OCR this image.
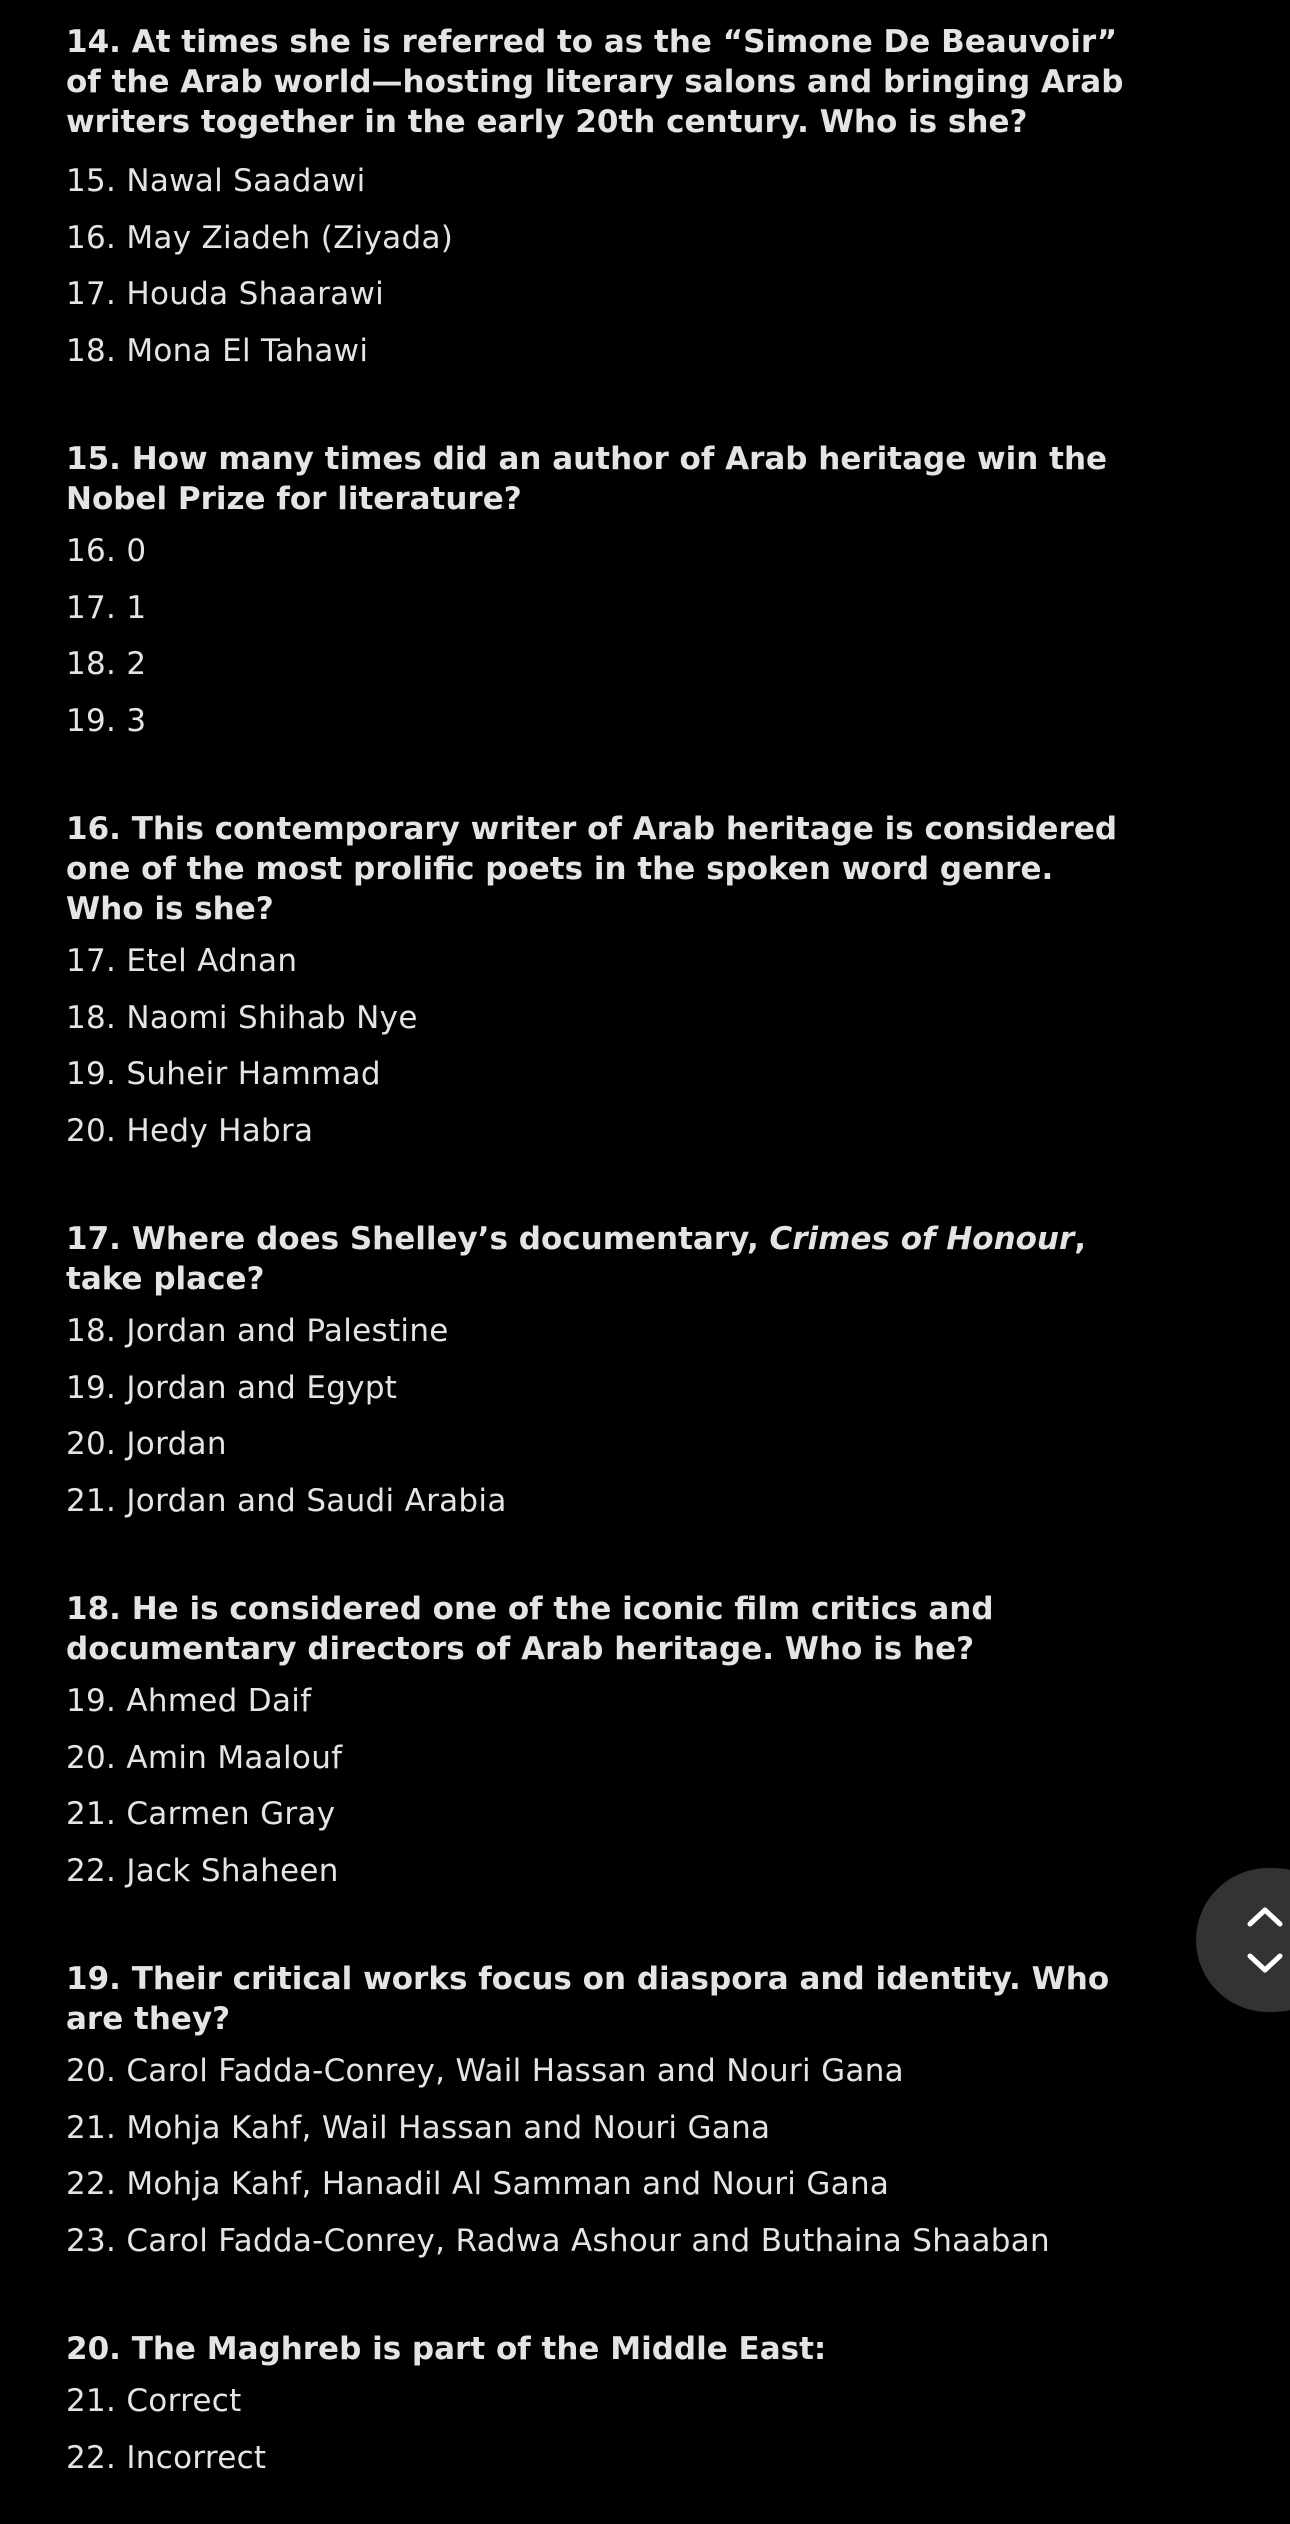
14. At times she is referred to as the “Simone De Beauvoir” of the Arab world—hosting literary salons and bringing Arab writers together in the early 20th century. Who is she?
15. Nawal Saadawi
16. May Ziadeh (Ziyada)
17. Houda Shaarawi
18. Mona El Tahawi
15. How many times did an author of Arab heritage win the Nobel Prize for literature?
16. 0
17. 1
18. 2
19. 3
16. This contemporary writer of Arab heritage is considered one of the most prolific poets in the spoken word genre. Who is she?
17. Etel Adnan
18. Naomi Shihab Nye
19. Suheir Hammad
20. Hedy Habra
17. Where does Shelley’s documentary, Crimes of Honour, take place?
18. Jordan and Palestine
19. Jordan and Egypt
20. Jordan
21. Jordan and Saudi Arabia
18. He is considered one of the iconic film critics and documentary directors of Arab heritage. Who is he?
19. Ahmed Daif
20. Amin Maalouf
21. Carmen Gray
22. Jack Shaheen
19. Their critical works focus on diaspora and identity. Who are they?
20. Carol Fadda-Conrey, Wail Hassan and Nouri Gana
21. Mohja Kahf, Wail Hassan and Nouri Gana
22. Mohja Kahf, Hanadil Al Samman and Nouri Gana
23. Carol Fadda-Conrey, Radwa Ashour and Buthaina Shaaban
20. The Maghreb is part of the Middle East:
21. Correct
22. Incorrect
